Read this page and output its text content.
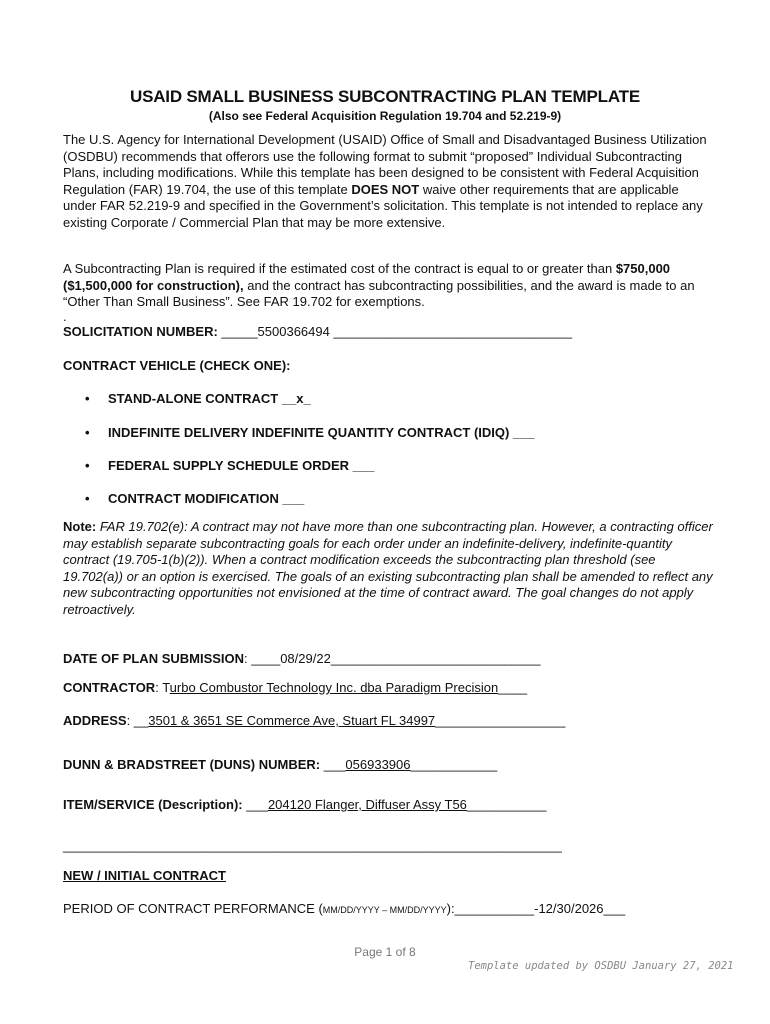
USAID SMALL BUSINESS SUBCONTRACTING PLAN TEMPLATE
(Also see Federal Acquisition Regulation 19.704 and 52.219-9)
The U.S. Agency for International Development (USAID) Office of Small and Disadvantaged Business Utilization (OSDBU) recommends that offerors use the following format to submit “proposed” Individual Subcontracting Plans, including modifications. While this template has been designed to be consistent with Federal Acquisition Regulation (FAR) 19.704, the use of this template DOES NOT waive other requirements that are applicable under FAR 52.219-9 and specified in the Government’s solicitation. This template is not intended to replace any existing Corporate / Commercial Plan that may be more extensive.
A Subcontracting Plan is required if the estimated cost of the contract is equal to or greater than $750,000 ($1,500,000 for construction), and the contract has subcontracting possibilities, and the award is made to an “Other Than Small Business”. See FAR 19.702 for exemptions.
.
SOLICITATION NUMBER: _____5500366494 _________________________________
CONTRACT VEHICLE (CHECK ONE):
• STAND-ALONE CONTRACT __x_
• INDEFINITE DELIVERY INDEFINITE QUANTITY CONTRACT (IDIQ) ___
• FEDERAL SUPPLY SCHEDULE ORDER ___
• CONTRACT MODIFICATION ___
Note: FAR 19.702(e): A contract may not have more than one subcontracting plan. However, a contracting officer may establish separate subcontracting goals for each order under an indefinite-delivery, indefinite-quantity contract (19.705-1(b)(2)). When a contract modification exceeds the subcontracting plan threshold (see 19.702(a)) or an option is exercised. The goals of an existing subcontracting plan shall be amended to reflect any new subcontracting opportunities not envisioned at the time of contract award. The goal changes do not apply retroactively.
DATE OF PLAN SUBMISSION: ____08/29/22_____________________________
CONTRACTOR: Turbo Combustor Technology Inc. dba Paradigm Precision____
ADDRESS: __3501 & 3651 SE Commerce Ave, Stuart FL 34997__________________
DUNN & BRADSTREET (DUNS) NUMBER: ___056933906____________
ITEM/SERVICE (Description): ___204120 Flanger, Diffuser Assy T56___________
_____________________________________________________________________
NEW / INITIAL CONTRACT
PERIOD OF CONTRACT PERFORMANCE (MM/DD/YYYY – MM/DD/YYYY):___________-12/30/2026___
Page 1 of 8
Template updated by OSDBU January 27, 2021
